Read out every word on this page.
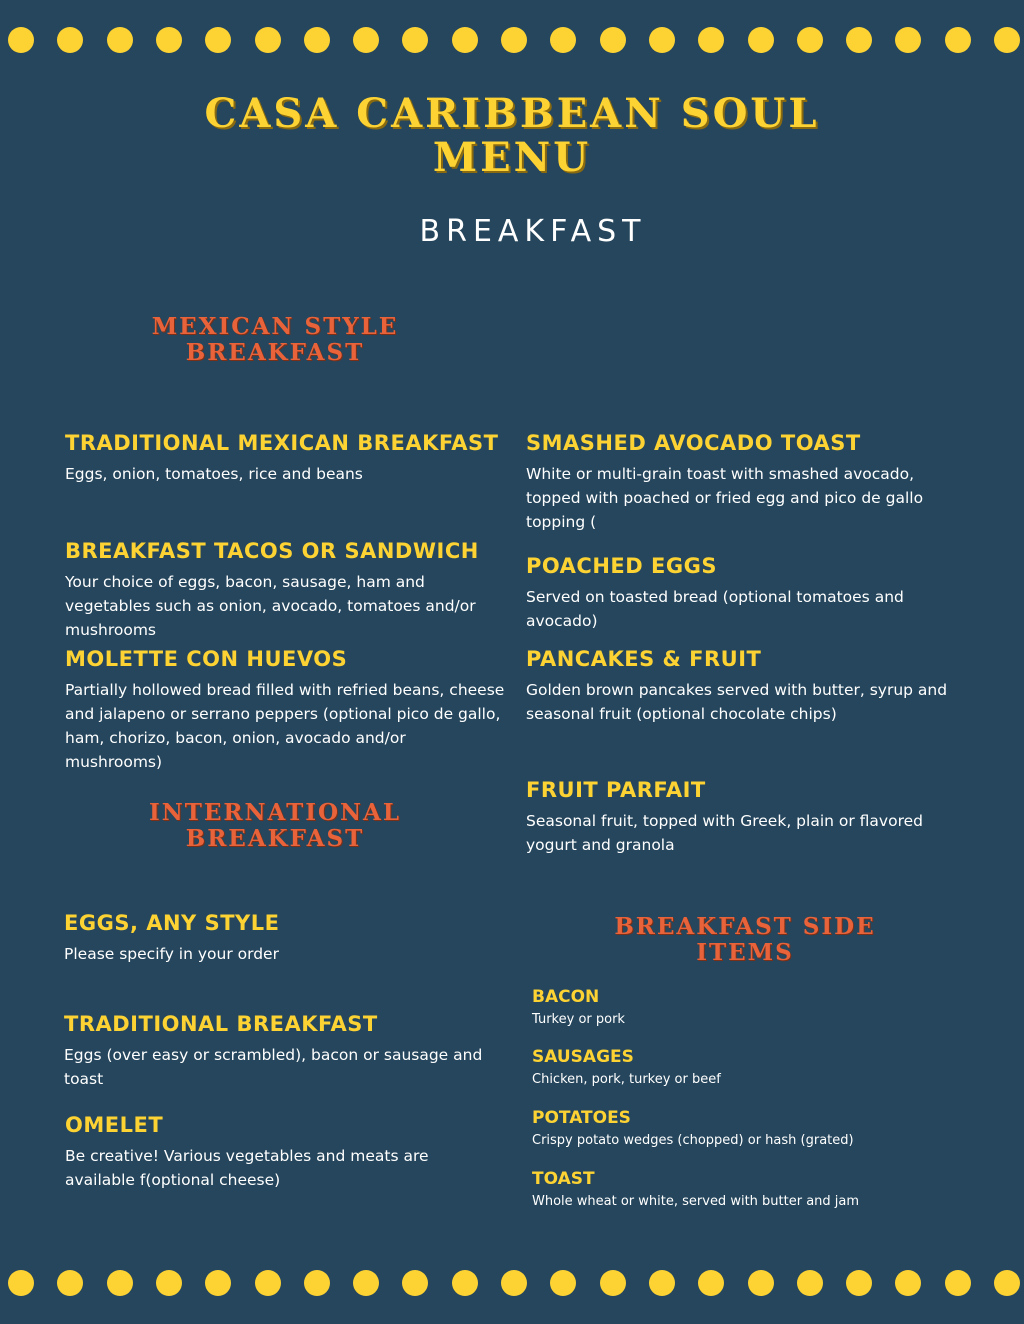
CASA CARIBBEAN SOUL
MENU
BREAKFAST
MEXICAN STYLE
BREAKFAST
INTERNATIONAL
BREAKFAST
BREAKFAST SIDE
ITEMS
TRADITIONAL MEXICAN BREAKFAST

Eggs, onion, tomatoes, rice and beans

BREAKFAST TACOS OR SANDWICH

Your choice of eggs, bacon, sausage, ham and vegetables such as onion, avocado, tomatoes and/or mushrooms

MOLETTE CON HUEVOS

Partially hollowed bread filled with refried beans, cheese and jalapeno or serrano peppers (optional pico de gallo, ham, chorizo, bacon, onion, avocado and/or mushrooms)

EGGS, ANY STYLE

Please specify in your order

TRADITIONAL BREAKFAST

Eggs (over easy or scrambled), bacon or sausage and toast

OMELET

Be creative! Various vegetables and meats are available f(optional cheese)

SMASHED AVOCADO TOAST

White or multi-grain toast with smashed avocado, topped with poached or fried egg and pico de gallo topping (

POACHED EGGS

Served on toasted bread (optional tomatoes and avocado)

PANCAKES & FRUIT

Golden brown pancakes served with butter, syrup and seasonal fruit (optional chocolate chips)

FRUIT PARFAIT

Seasonal fruit, topped with Greek, plain or flavored yogurt and granola

BACON

Turkey or pork

SAUSAGES

Chicken, pork, turkey or beef

POTATOES

Crispy potato wedges (chopped) or hash (grated)

TOAST

Whole wheat or white, served with butter and jam
